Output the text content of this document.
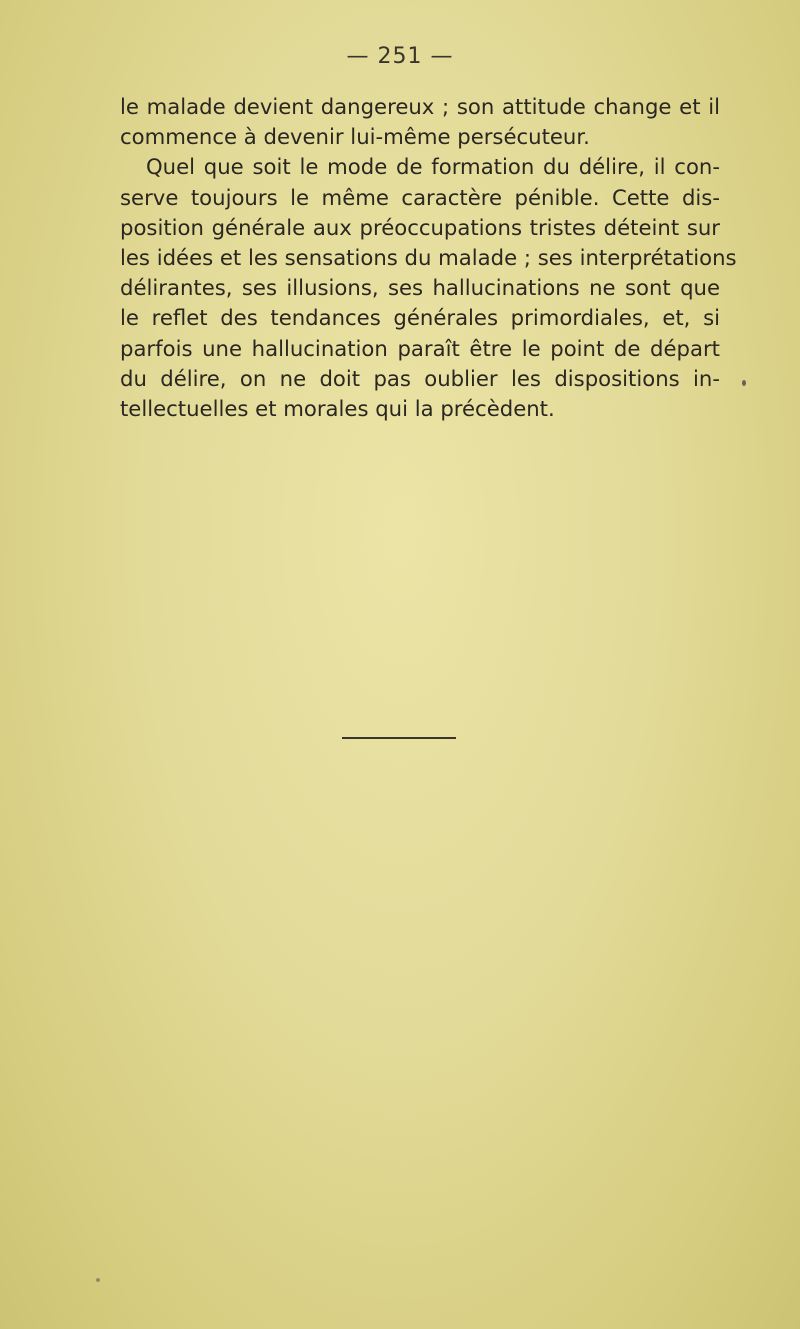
— 251 —
le malade devient dangereux ; son attitude change et il
commence à devenir lui-même persécuteur.
Quel que soit le mode de formation du délire, il con-
serve toujours le même caractère pénible. Cette dis-
position générale aux préoccupations tristes déteint sur
les idées et les sensations du malade ; ses interprétations
délirantes, ses illusions, ses hallucinations ne sont que
le reflet des tendances générales primordiales, et, si
parfois une hallucination paraît être le point de départ
du délire, on ne doit pas oublier les dispositions in-
tellectuelles et morales qui la précèdent.
